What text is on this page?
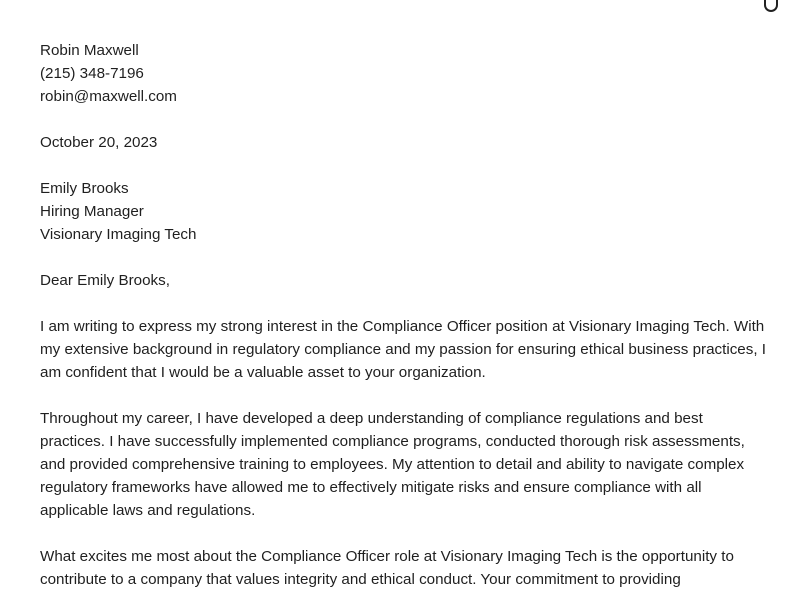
Robin Maxwell
(215) 348-7196
robin@maxwell.com
October 20, 2023
Emily Brooks
Hiring Manager
Visionary Imaging Tech
Dear Emily Brooks,

I am writing to express my strong interest in the Compliance Officer position at Visionary Imaging Tech. With my extensive background in regulatory compliance and my passion for ensuring ethical business practices, I am confident that I would be a valuable asset to your organization.

Throughout my career, I have developed a deep understanding of compliance regulations and best practices. I have successfully implemented compliance programs, conducted thorough risk assessments, and provided comprehensive training to employees. My attention to detail and ability to navigate complex regulatory frameworks have allowed me to effectively mitigate risks and ensure compliance with all applicable laws and regulations.

What excites me most about the Compliance Officer role at Visionary Imaging Tech is the opportunity to contribute to a company that values integrity and ethical conduct. Your commitment to providing
